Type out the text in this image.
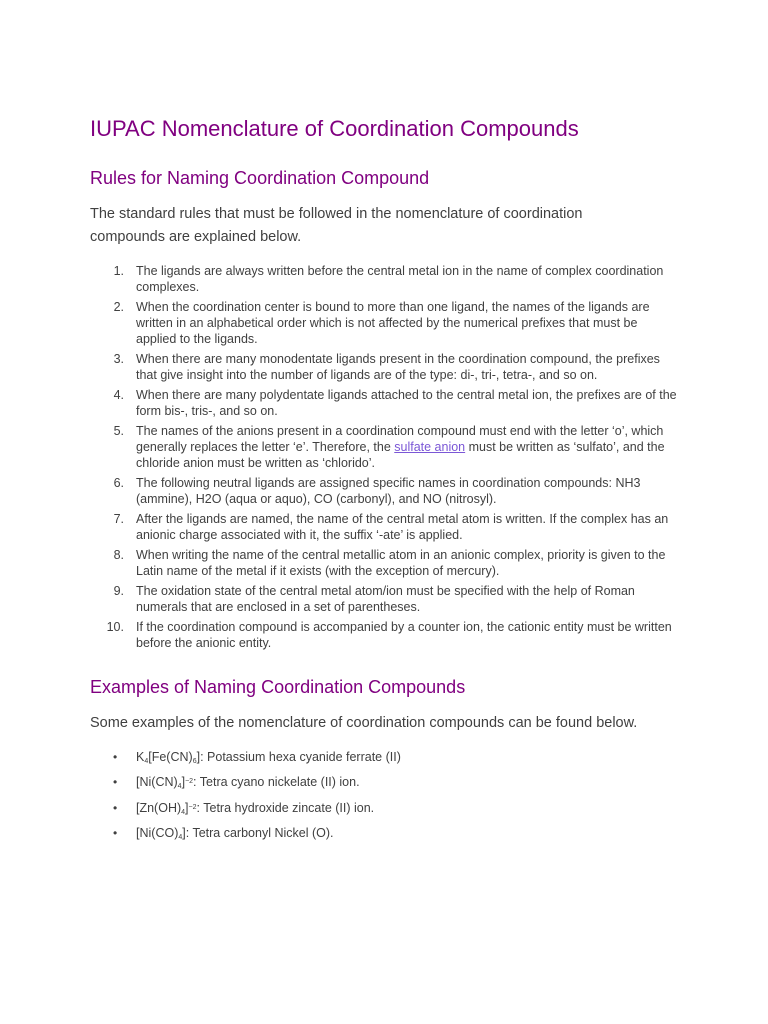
IUPAC Nomenclature of Coordination Compounds
Rules for Naming Coordination Compound

The standard rules that must be followed in the nomenclature of coordination compounds are explained below.

1. The ligands are always written before the central metal ion in the name of complex coordination complexes.
2. When the coordination center is bound to more than one ligand, the names of the ligands are written in an alphabetical order which is not affected by the numerical prefixes that must be applied to the ligands.
3. When there are many monodentate ligands present in the coordination compound, the prefixes that give insight into the number of ligands are of the type: di-, tri-, tetra-, and so on.
4. When there are many polydentate ligands attached to the central metal ion, the prefixes are of the form bis-, tris-, and so on.
5. The names of the anions present in a coordination compound must end with the letter ‘o’, which generally replaces the letter ‘e’. Therefore, the sulfate anion must be written as ‘sulfato’, and the chloride anion must be written as ‘chlorido’.
6. The following neutral ligands are assigned specific names in coordination compounds: NH3 (ammine), H2O (aqua or aquo), CO (carbonyl), and NO (nitrosyl).
7. After the ligands are named, the name of the central metal atom is written. If the complex has an anionic charge associated with it, the suffix ‘-ate’ is applied.
8. When writing the name of the central metallic atom in an anionic complex, priority is given to the Latin name of the metal if it exists (with the exception of mercury).
9. The oxidation state of the central metal atom/ion must be specified with the help of Roman numerals that are enclosed in a set of parentheses.
10. If the coordination compound is accompanied by a counter ion, the cationic entity must be written before the anionic entity.
Examples of Naming Coordination Compounds

Some examples of the nomenclature of coordination compounds can be found below.

• $K_4[Fe(CN)_6]$: Potassium hexa cyanide ferrate (II)
• $[Ni(CN)_4]^{-2}$: Tetra cyano nickelate (II) ion.
• $[Zn(OH)_4]^{-2}$: Tetra hydroxide zincate (II) ion.
• $[Ni(CO)_4]$: Tetra carbonyl Nickel (O).
